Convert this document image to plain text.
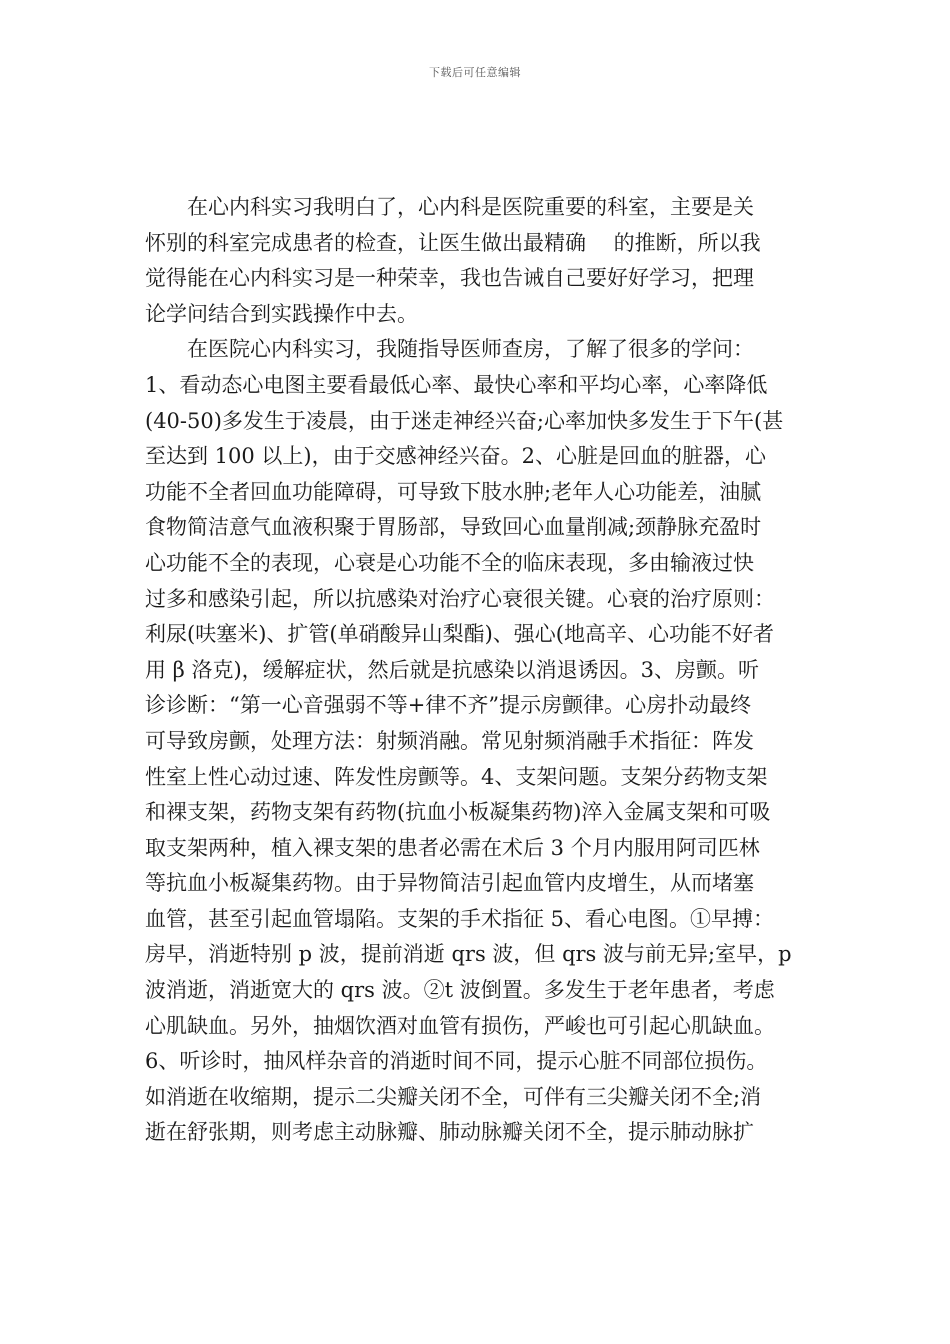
下载后可任意编辑
　　在心内科实习我明白了，心内科是医院重要的科室，主要是关
怀别的科室完成患者的检查，让医生做出最精确　 的推断，所以我
觉得能在心内科实习是一种荣幸，我也告诫自己要好好学习，把理
论学问结合到实践操作中去。
　　在医院心内科实习，我随指导医师查房，了解了很多的学问：
1、看动态心电图主要看最低心率、最快心率和平均心率，心率降低
(40-50)多发生于凌晨，由于迷走神经兴奋;心率加快多发生于下午(甚
至达到 100 以上)，由于交感神经兴奋。2、心脏是回血的脏器，心
功能不全者回血功能障碍，可导致下肢水肿;老年人心功能差，油腻
食物简洁意气血液积聚于胃肠部，导致回心血量削减;颈静脉充盈时
心功能不全的表现，心衰是心功能不全的临床表现，多由输液过快
过多和感染引起，所以抗感染对治疗心衰很关键。心衰的治疗原则：
利尿(呋塞米)、扩管(单硝酸异山梨酯)、强心(地高辛、心功能不好者
用 β 洛克)，缓解症状，然后就是抗感染以消退诱因。3、房颤。听
诊诊断：“第一心音强弱不等+律不齐”提示房颤律。心房扑动最终
可导致房颤，处理方法：射频消融。常见射频消融手术指征：阵发
性室上性心动过速、阵发性房颤等。4、支架问题。支架分药物支架
和裸支架，药物支架有药物(抗血小板凝集药物)淬入金属支架和可吸
取支架两种，植入裸支架的患者必需在术后 3 个月内服用阿司匹林
等抗血小板凝集药物。由于异物简洁引起血管内皮增生，从而堵塞
血管，甚至引起血管塌陷。支架的手术指征 5、看心电图。①早搏：
房早，消逝特别 p 波，提前消逝 qrs 波，但 qrs 波与前无异;室早，p
波消逝，消逝宽大的 qrs 波。②t 波倒置。多发生于老年患者，考虑
心肌缺血。另外，抽烟饮酒对血管有损伤，严峻也可引起心肌缺血。
6、听诊时，抽风样杂音的消逝时间不同，提示心脏不同部位损伤。
如消逝在收缩期，提示二尖瓣关闭不全，可伴有三尖瓣关闭不全;消
逝在舒张期，则考虑主动脉瓣、肺动脉瓣关闭不全，提示肺动脉扩
